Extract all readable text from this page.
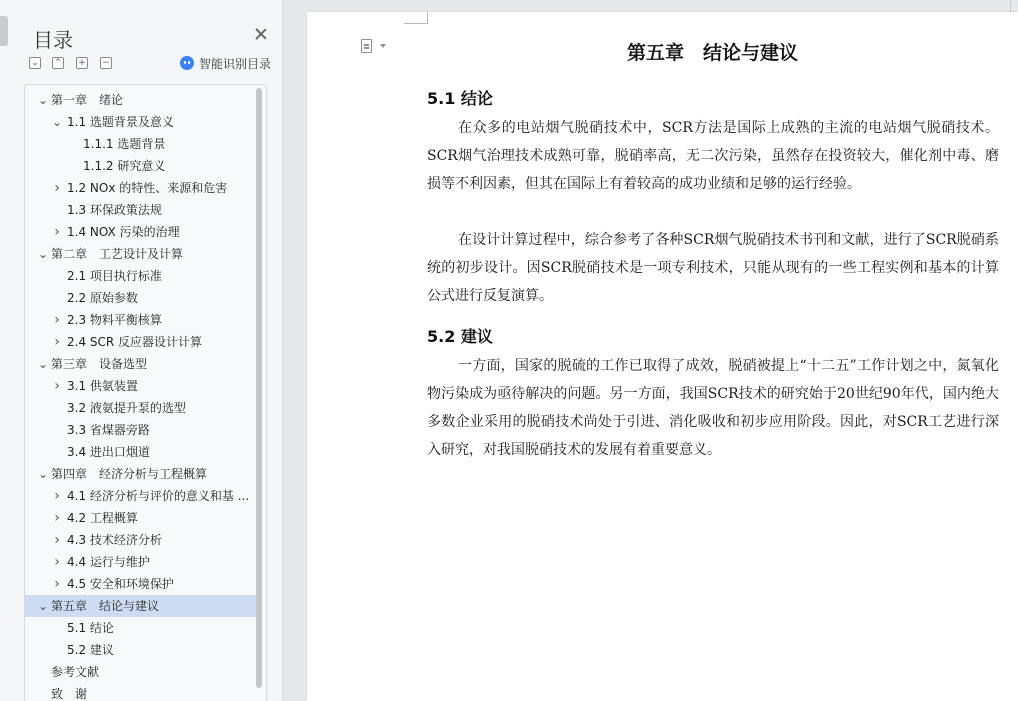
目录
⌄ ⌃ + −	智能识别目录
⌄ 第一章　绪论
⌄ 1.1 选题背景及意义
1.1.1 选题背景
1.1.2 研究意义
› 1.2 NOx 的特性、来源和危害
1.3 环保政策法规
› 1.4 NOX 污染的治理
⌄ 第二章　工艺设计及计算
2.1 项目执行标准
2.2 原始参数
› 2.3 物料平衡核算
› 2.4 SCR 反应器设计计算
⌄ 第三章　设备选型
› 3.1 供氨装置
3.2 液氨提升泵的选型
3.3 省煤器旁路
3.4 进出口烟道
⌄ 第四章　经济分析与工程概算
› 4.1 经济分析与评价的意义和基 ...
› 4.2 工程概算
› 4.3 技术经济分析
› 4.4 运行与维护
› 4.5 安全和环境保护
⌄ 第五章　结论与建议
5.1 结论
5.2 建议
参考文献
致　谢
第五章　结论与建议
5.1 结论
在众多的电站烟气脱硝技术中，SCR方法是国际上成熟的主流的电站烟气脱硝技术。SCR烟气治理技术成熟可靠，脱硝率高，无二次污染，虽然存在投资较大，催化剂中毒、磨损等不利因素，但其在国际上有着较高的成功业绩和足够的运行经验。
在设计计算过程中，综合参考了各种SCR烟气脱硝技术书刊和文献，进行了SCR脱硝系统的初步设计。因SCR脱硝技术是一项专利技术，只能从现有的一些工程实例和基本的计算公式进行反复演算。
5.2 建议
一方面，国家的脱硫的工作已取得了成效，脱硝被提上“十二五”工作计划之中，氮氧化物污染成为亟待解决的问题。另一方面，我国SCR技术的研究始于20世纪90年代，国内绝大多数企业采用的脱硝技术尚处于引进、消化吸收和初步应用阶段。因此，对SCR工艺进行深入研究，对我国脱硝技术的发展有着重要意义。
